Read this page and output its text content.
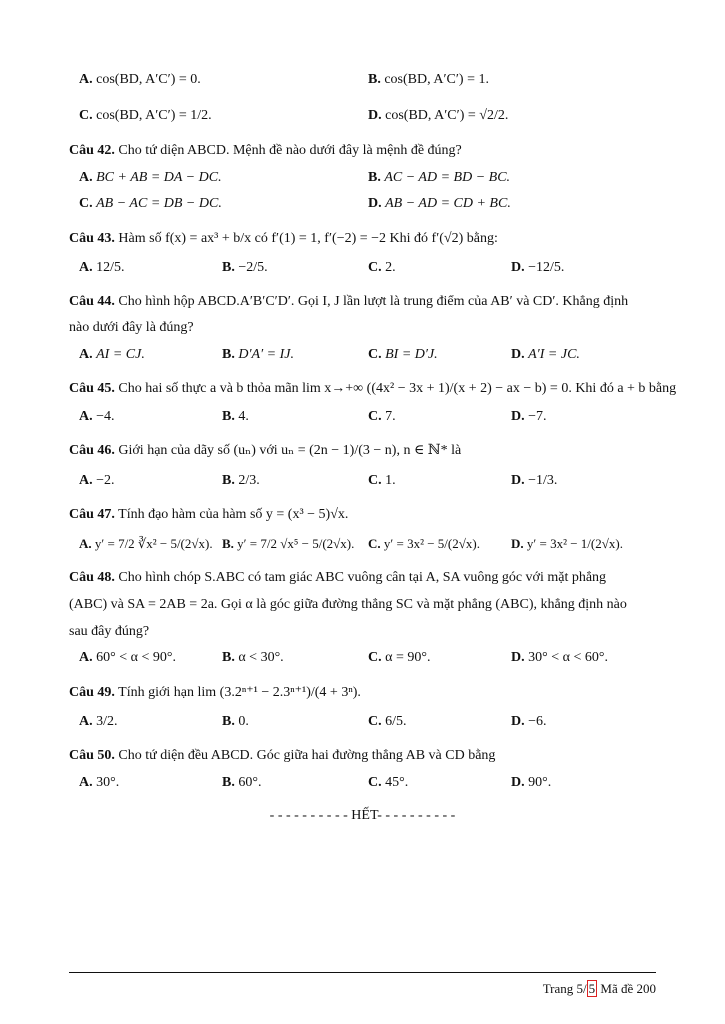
A. cos(BD, A′C′) = 0.	B. cos(BD, A′C′) = 1.
C. cos(BD, A′C′) = 1/2.	D. cos(BD, A′C′) = √2/2.
Câu 42. Cho tứ diện ABCD. Mệnh đề nào dưới đây là mệnh đề đúng?
A. BC + AB = DA − DC.	B. AC − AD = BD − BC.
C. AB − AC = DB − DC.	D. AB − AD = CD + BC.
Câu 43. Hàm số f(x) = ax³ + b/x có f′(1) = 1, f′(−2) = −2 Khi đó f′(√2) bằng:
A. 12/5.	B. −2/5.	C. 2.	D. −12/5.
Câu 44. Cho hình hộp ABCD.A′B′C′D′. Gọi I, J lần lượt là trung điểm của AB′ và CD′. Khẳng định
nào dưới đây là đúng?
A. AI = CJ.	B. D′A′ = IJ.	C. BI = D′J.	D. A′I = JC.
Câu 45. Cho hai số thực a và b thỏa mãn lim x→+∞ ((4x² − 3x + 1)/(x + 2) − ax − b) = 0. Khi đó a + b bằng
A. −4.	B. 4.	C. 7.	D. −7.
Câu 46. Giới hạn của dãy số (uₙ) với uₙ = (2n − 1)/(3 − n), n ∈ ℕ* là
A. −2.	B. 2/3.	C. 1.	D. −1/3.
Câu 47. Tính đạo hàm của hàm số y = (x³ − 5)√x.
A. y′ = 7/2 ∛x² − 5/(2√x). B. y′ = 7/2 √x⁵ − 5/(2√x). C. y′ = 3x² − 5/(2√x). D. y′ = 3x² − 1/(2√x).
Câu 48. Cho hình chóp S.ABC có tam giác ABC vuông cân tại A, SA vuông góc với mặt phẳng
(ABC) và SA = 2AB = 2a. Gọi α là góc giữa đường thẳng SC và mặt phẳng (ABC), khẳng định nào
sau đây đúng?
A. 60° < α < 90°.	B. α < 30°.	C. α = 90°.	D. 30° < α < 60°.
Câu 49. Tính giới hạn lim (3.2ⁿ⁺¹ − 2.3ⁿ⁺¹)/(4 + 3ⁿ).
A. 3/2.	B. 0.	C. 6/5.	D. −6.
Câu 50. Cho tứ diện đều ABCD. Góc giữa hai đường thẳng AB và CD bằng
A. 30°.	B. 60°.	C. 45°.	D. 90°.
- - - - - - - - - - HẾT- - - - - - - - - -
Trang 5/ 5 Mã đề 200
